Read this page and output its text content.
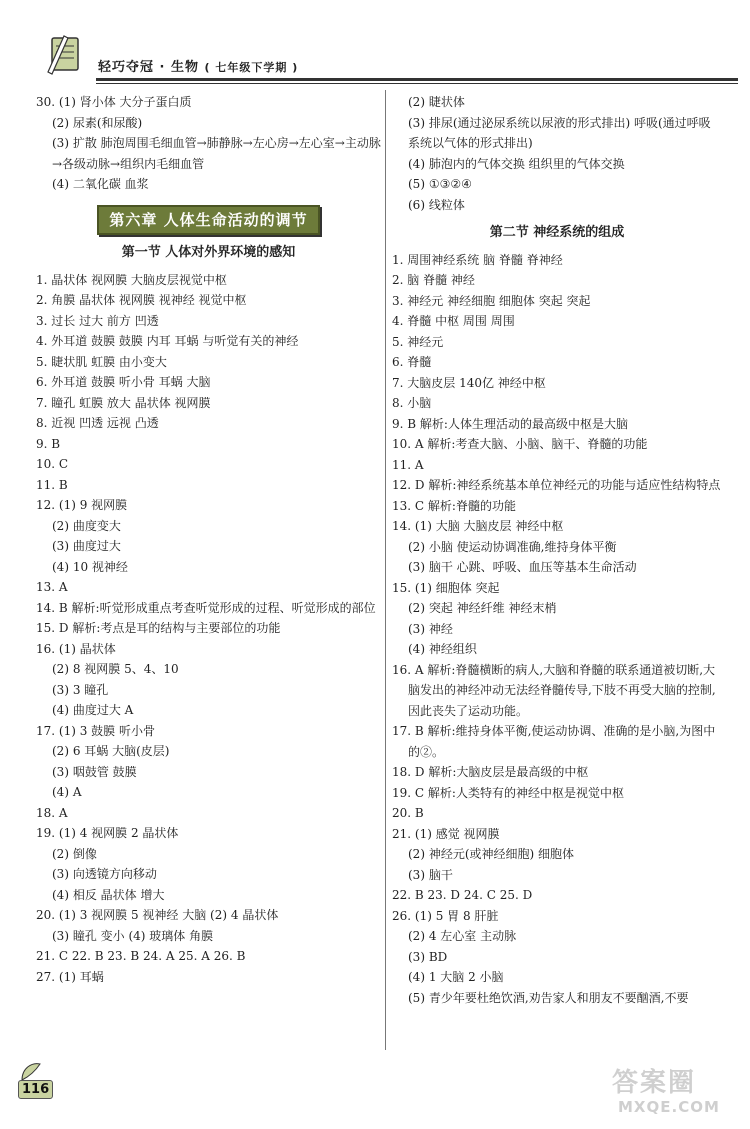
轻巧夺冠 · 生物 ( 七年级下学期 )
30. (1) 肾小体 大分子蛋白质
(2) 尿素(和尿酸)
(3) 扩散 肺泡周围毛细血管→肺静脉→左心房→左心室→主动脉→各级动脉→组织内毛细血管
(4) 二氧化碳 血浆
第六章 人体生命活动的调节
第一节 人体对外界环境的感知
1. 晶状体 视网膜 大脑皮层视觉中枢
2. 角膜 晶状体 视网膜 视神经 视觉中枢
3. 过长 过大 前方 凹透
4. 外耳道 鼓膜 鼓膜 内耳 耳蜗 与听觉有关的神经
5. 睫状肌 虹膜 由小变大
6. 外耳道 鼓膜 听小骨 耳蜗 大脑
7. 瞳孔 虹膜 放大 晶状体 视网膜
8. 近视 凹透 远视 凸透
9. B
10. C
11. B
12. (1) 9 视网膜
(2) 曲度变大
(3) 曲度过大
(4) 10 视神经
13. A
14. B 解析:听觉形成重点考查听觉形成的过程、听觉形成的部位
15. D 解析:考点是耳的结构与主要部位的功能
16. (1) 晶状体
(2) 8 视网膜 5、4、10
(3) 3 瞳孔
(4) 曲度过大 A
17. (1) 3 鼓膜 听小骨
(2) 6 耳蜗 大脑(皮层)
(3) 咽鼓管 鼓膜
(4) A
18. A
19. (1) 4 视网膜 2 晶状体
(2) 倒像
(3) 向透镜方向移动
(4) 相反 晶状体 增大
20. (1) 3 视网膜 5 视神经 大脑 (2) 4 晶状体
(3) 瞳孔 变小 (4) 玻璃体 角膜
21. C 22. B 23. B 24. A 25. A 26. B
27. (1) 耳蜗
(2) 睫状体
(3) 排尿(通过泌尿系统以尿液的形式排出) 呼吸(通过呼吸系统以气体的形式排出)
(4) 肺泡内的气体交换 组织里的气体交换
(5) ①③②④
(6) 线粒体
第二节 神经系统的组成
1. 周围神经系统 脑 脊髓 脊神经
2. 脑 脊髓 神经
3. 神经元 神经细胞 细胞体 突起 突起
4. 脊髓 中枢 周围 周围
5. 神经元
6. 脊髓
7. 大脑皮层 140亿 神经中枢
8. 小脑
9. B 解析:人体生理活动的最高级中枢是大脑
10. A 解析:考查大脑、小脑、脑干、脊髓的功能
11. A
12. D 解析:神经系统基本单位神经元的功能与适应性结构特点
13. C 解析:脊髓的功能
14. (1) 大脑 大脑皮层 神经中枢
(2) 小脑 使运动协调准确,维持身体平衡
(3) 脑干 心跳、呼吸、血压等基本生命活动
15. (1) 细胞体 突起
(2) 突起 神经纤维 神经末梢
(3) 神经
(4) 神经组织
16. A 解析:脊髓横断的病人,大脑和脊髓的联系通道被切断,大脑发出的神经冲动无法经脊髓传导,下肢不再受大脑的控制,因此丧失了运动功能。
17. B 解析:维持身体平衡,使运动协调、准确的是小脑,为图中的②。
18. D 解析:大脑皮层是最高级的中枢
19. C 解析:人类特有的神经中枢是视觉中枢
20. B
21. (1) 感觉 视网膜
(2) 神经元(或神经细胞) 细胞体
(3) 脑干
22. B 23. D 24. C 25. D
26. (1) 5 胃 8 肝脏
(2) 4 左心室 主动脉
(3) BD
(4) 1 大脑 2 小脑
(5) 青少年要杜绝饮酒,劝告家人和朋友不要酗酒,不要
116	答案圈
MXQE.COM
